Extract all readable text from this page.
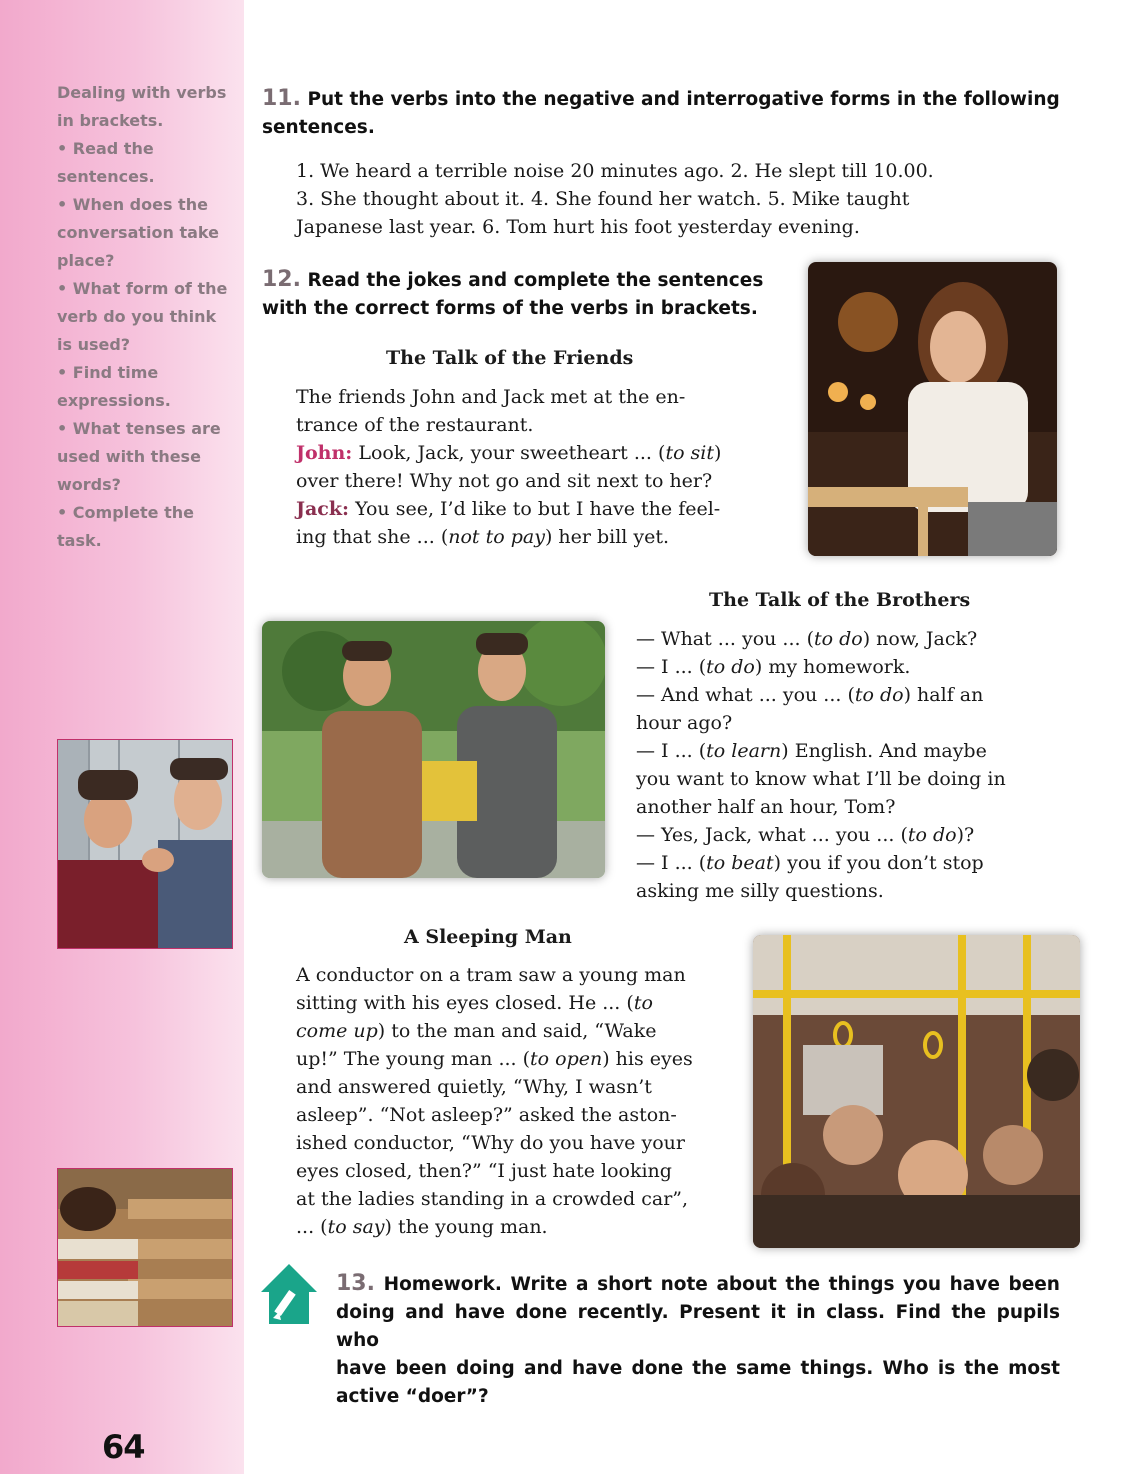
Dealing with verbs
in brackets.
• Read the
sentences.
• When does the
conversation take
place?
• What form of the
verb do you think
is used?
• Find time
expressions.
• What tenses are
used with these
words?
• Complete the
task.
64
11. Put the verbs into the negative and interrogative forms in the following sentences.
1. We heard a terrible noise 20 minutes ago. 2. He slept till 10.00.
3. She thought about it. 4. She found her watch. 5. Mike taught
Japanese last year. 6. Tom hurt his foot yesterday evening.
12. Read the jokes and complete the sentences
with the correct forms of the verbs in brackets.
The Talk of the Friends
The friends John and Jack met at the en-
trance of the restaurant.
John: Look, Jack, your sweetheart ... (to sit)
over there! Why not go and sit next to her?
Jack: You see, I’d like to but I have the feel-
ing that she ... (not to pay) her bill yet.
The Talk of the Brothers
— What ... you ... (to do) now, Jack?
— I ... (to do) my homework.
— And what ... you ... (to do) half an
hour ago?
— I ... (to learn) English. And maybe
you want to know what I’ll be doing in
another half an hour, Tom?
— Yes, Jack, what ... you ... (to do)?
— I ... (to beat) you if you don’t stop
asking me silly questions.
A Sleeping Man
A conductor on a tram saw a young man
sitting with his eyes closed. He ... (to
come up) to the man and said, “Wake
up!” The young man ... (to open) his eyes
and answered quietly, “Why, I wasn’t
asleep”. “Not asleep?” asked the aston-
ished conductor, “Why do you have your
eyes closed, then?” “I just hate looking
at the ladies standing in a crowded car”,
... (to say) the young man.
13. Homework. Write a short note about the things you have been
doing and have done recently. Present it in class. Find the pupils who
have been doing and have done the same things. Who is the most
active “doer”?
